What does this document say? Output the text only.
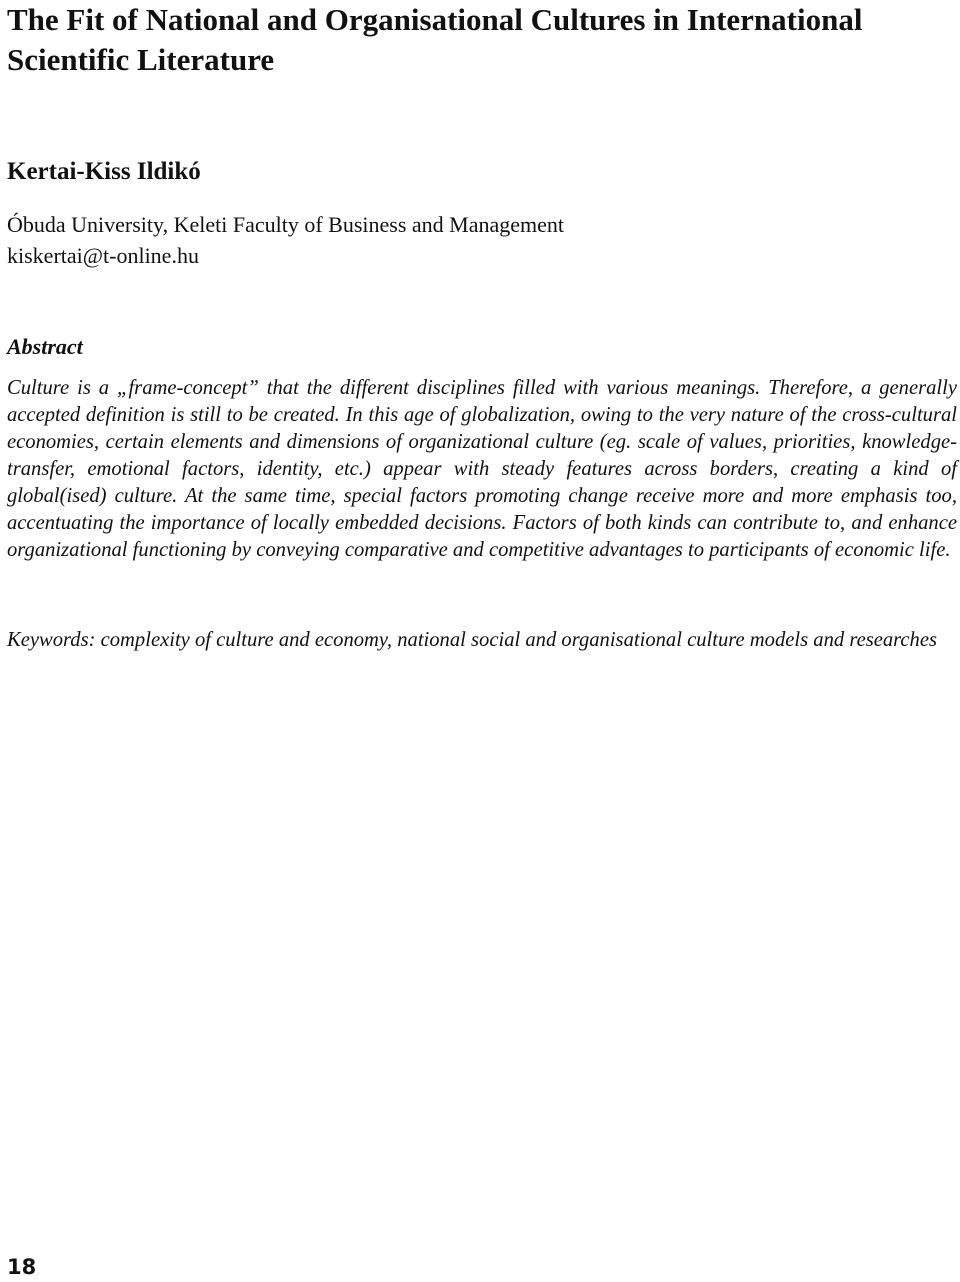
The Fit of National and Organisational Cultures in International Scientific Literature
Kertai-Kiss Ildikó

Óbuda University, Keleti Faculty of Business and Management

kiskertai@t-online.hu

Abstract

Culture is a „frame-concept” that the different disciplines filled with various meanings. Therefore, a generally accepted definition is still to be created. In this age of globalization, owing to the very nature of the cross-cultural economies, certain elements and dimensions of organizational culture (eg. scale of values, priorities, knowledge-transfer, emotional factors, identity, etc.) appear with steady features across borders, creating a kind of global(ised) culture. At the same time, special factors promoting change receive more and more emphasis too, accentuating the importance of locally embedded decisions. Factors of both kinds can contribute to, and enhance organizational functioning by conveying comparative and competitive advantages to participants of economic life.

Keywords: complexity of culture and economy, national social and organisational culture models and researches

18
